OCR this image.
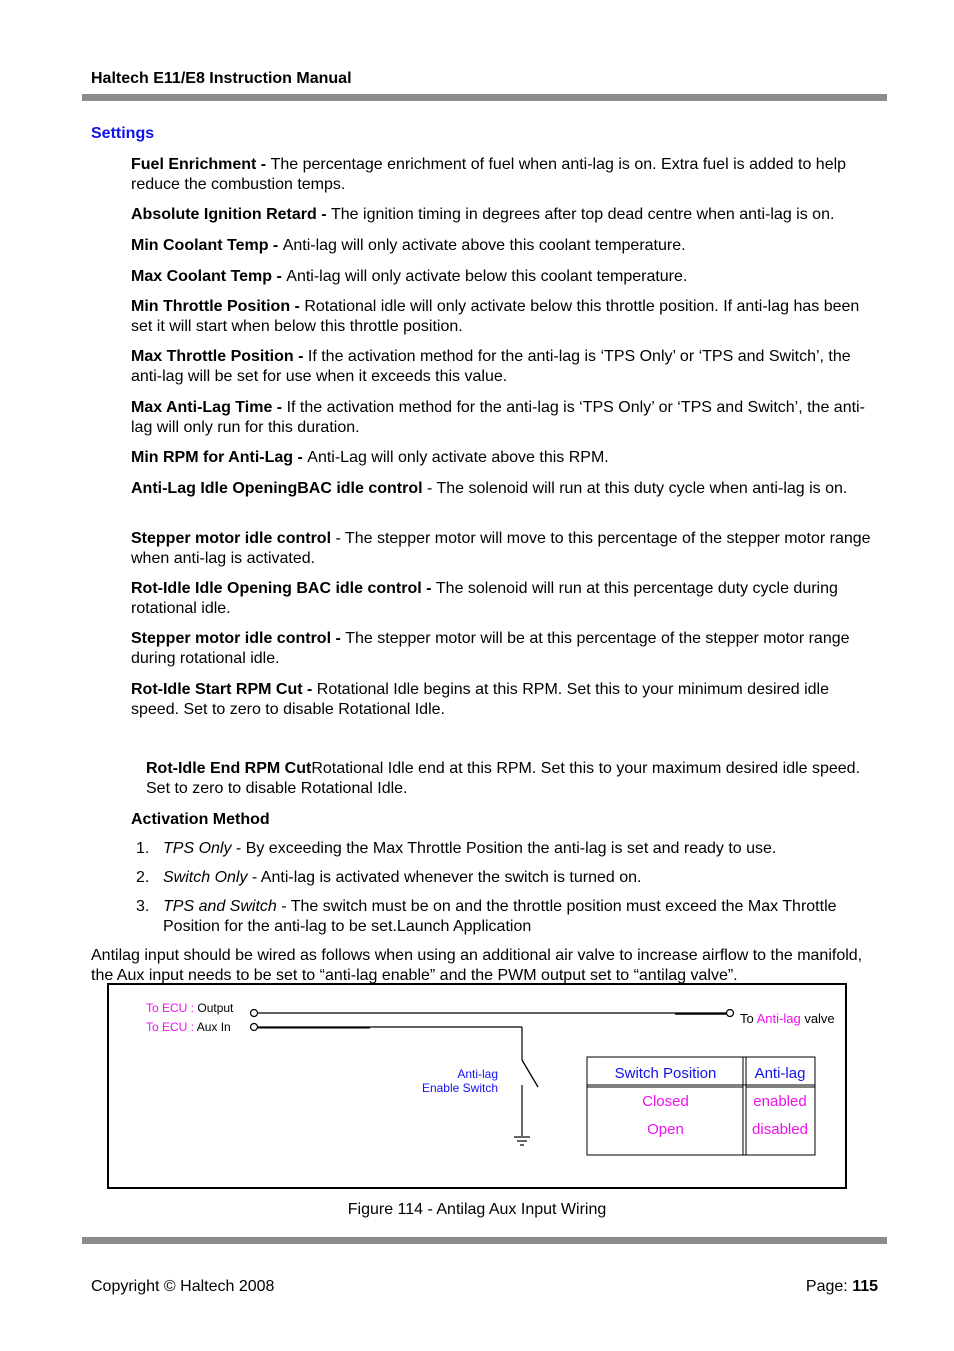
Haltech E11/E8 Instruction Manual
Settings
Fuel Enrichment - The percentage enrichment of fuel when anti-lag is on. Extra fuel is added to help reduce the combustion temps.
Absolute Ignition Retard - The ignition timing in degrees after top dead centre when anti-lag is on.
Min Coolant Temp - Anti-lag will only activate above this coolant temperature.
Max Coolant Temp - Anti-lag will only activate below this coolant temperature.
Min Throttle Position - Rotational idle will only activate below this throttle position. If anti-lag has been set it will start when below this throttle position.
Max Throttle Position - If the activation method for the anti-lag is ‘TPS Only’ or ‘TPS and Switch’, the anti-lag will be set for use when it exceeds this value.
Max Anti-Lag Time - If the activation method for the anti-lag is ‘TPS Only’ or ‘TPS and Switch’, the anti-lag will only run for this duration.
Min RPM for Anti-Lag - Anti-Lag will only activate above this RPM.
Anti-Lag Idle OpeningBAC idle control - The solenoid will run at this duty cycle when anti-lag is on.
Stepper motor idle control - The stepper motor will move to this percentage of the stepper motor range when anti-lag is activated.
Rot-Idle Idle Opening BAC idle control - The solenoid will run at this percentage duty cycle during rotational idle.
Stepper motor idle control - The stepper motor will be at this percentage of the stepper motor range during rotational idle.
Rot-Idle Start RPM Cut - Rotational Idle begins at this RPM. Set this to your minimum desired idle speed. Set to zero to disable Rotational Idle.
Rot-Idle End RPM CutRotational Idle end at this RPM. Set this to your maximum desired idle speed. Set to zero to disable Rotational Idle.
Activation Method
1. TPS Only - By exceeding the Max Throttle Position the anti-lag is set and ready to use.
2. Switch Only - Anti-lag is activated whenever the switch is turned on.
3. TPS and Switch - The switch must be on and the throttle position must exceed the Max Throttle Position for the anti-lag to be set.Launch Application
Antilag input should be wired as follows when using an additional air valve to increase airflow to the manifold, the Aux input needs to be set to “anti-lag enable” and the PWM output set to “antilag valve”.
To ECU : Output
To ECU : Aux In
To Anti-lag valve
Anti-lag
Enable Switch
Switch Position	Anti-lag
Closed	enabled
Open	disabled
Figure 114 - Antilag Aux Input Wiring
Copyright © Haltech 2008	Page: 115
